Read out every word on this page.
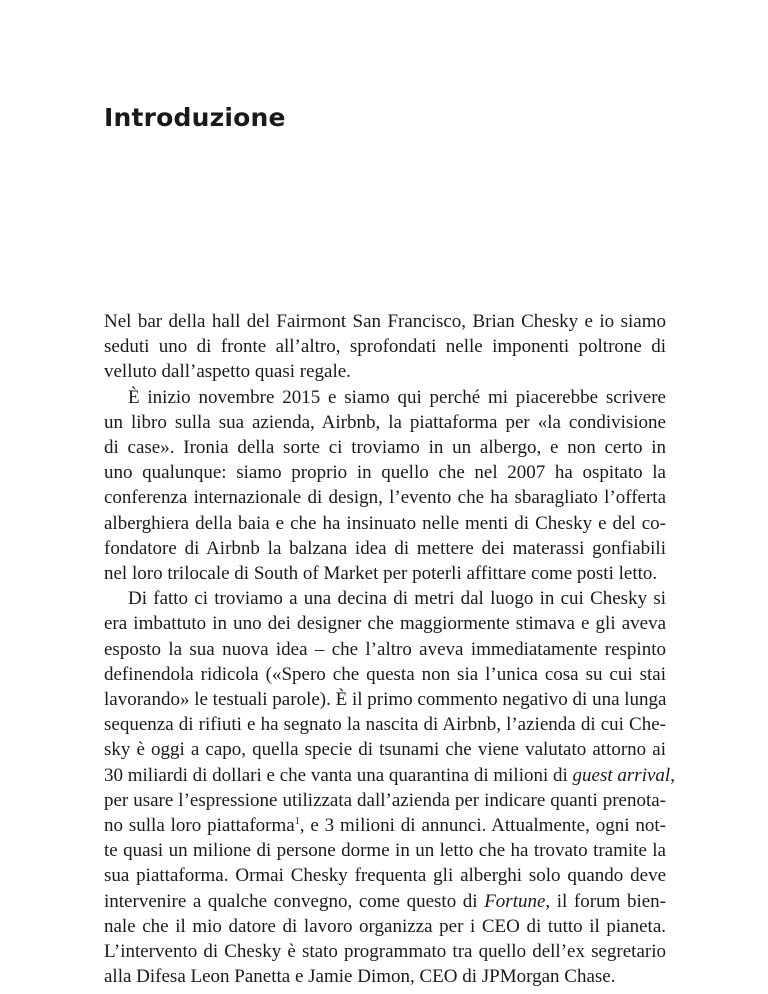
Introduzione

Nel bar della hall del Fairmont San Francisco, Brian Chesky e io siamo
seduti uno di fronte all’altro, sprofondati nelle imponenti poltrone di
velluto dall’aspetto quasi regale.

È inizio novembre 2015 e siamo qui perché mi piacerebbe scrivere
un libro sulla sua azienda, Airbnb, la piattaforma per «la condivisione
di case». Ironia della sorte ci troviamo in un albergo, e non certo in
uno qualunque: siamo proprio in quello che nel 2007 ha ospitato la
conferenza internazionale di design, l’evento che ha sbaragliato l’offerta
alberghiera della baia e che ha insinuato nelle menti di Chesky e del co-
fondatore di Airbnb la balzana idea di mettere dei materassi gonfiabili
nel loro trilocale di South of Market per poterli affittare come posti letto.

Di fatto ci troviamo a una decina di metri dal luogo in cui Chesky si
era imbattuto in uno dei designer che maggiormente stimava e gli aveva
esposto la sua nuova idea – che l’altro aveva immediatamente respinto
definendola ridicola («Spero che questa non sia l’unica cosa su cui stai
lavorando» le testuali parole). È il primo commento negativo di una lunga
sequenza di rifiuti e ha segnato la nascita di Airbnb, l’azienda di cui Che-
sky è oggi a capo, quella specie di tsunami che viene valutato attorno ai
30 miliardi di dollari e che vanta una quarantina di milioni di guest arrival,
per usare l’espressione utilizzata dall’azienda per indicare quanti prenota-
no sulla loro piattaforma$^1$, e 3 milioni di annunci. Attualmente, ogni not-
te quasi un milione di persone dorme in un letto che ha trovato tramite la
sua piattaforma. Ormai Chesky frequenta gli alberghi solo quando deve
intervenire a qualche convegno, come questo di Fortune, il forum bien-
nale che il mio datore di lavoro organizza per i CEO di tutto il pianeta.
L’intervento di Chesky è stato programmato tra quello dell’ex segretario
alla Difesa Leon Panetta e Jamie Dimon, CEO di JPMorgan Chase.
